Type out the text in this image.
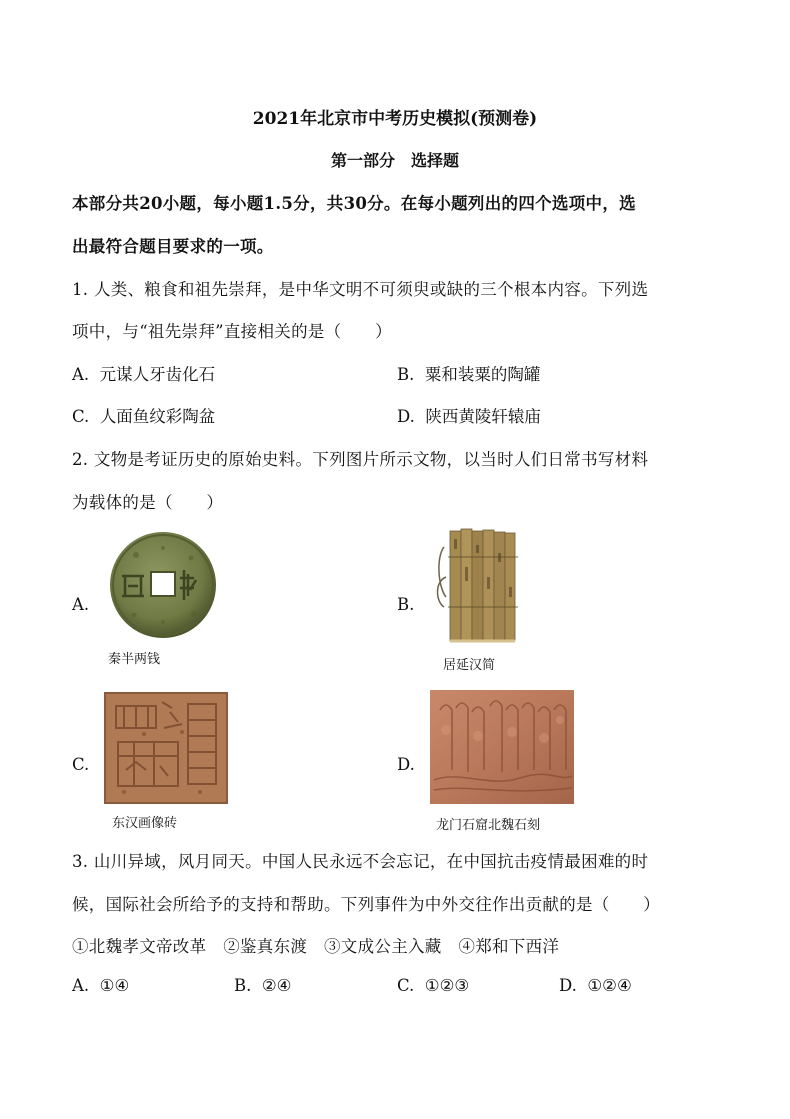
2021年北京市中考历史模拟(预测卷)
第一部分　选择题
本部分共20小题，每小题1.5分，共30分。在每小题列出的四个选项中，选
出最符合题目要求的一项。
1. 人类、粮食和祖先崇拜，是中华文明不可须臾或缺的三个根本内容。下列选
项中，与“祖先崇拜”直接相关的是（　　）
A. 元谋人牙齿化石	B. 粟和装粟的陶罐
C. 人面鱼纹彩陶盆	D. 陕西黄陵轩辕庙
2. 文物是考证历史的原始史料。下列图片所示文物，以当时人们日常书写材料
为载体的是（　　）
A.
秦半两钱
B.
居延汉简
C.
东汉画像砖
D.
龙门石窟北魏石刻
3. 山川异域，风月同天。中国人民永远不会忘记，在中国抗击疫情最困难的时
候，国际社会所给予的支持和帮助。下列事件为中外交往作出贡献的是（　　）
①北魏孝文帝改革　②鉴真东渡　③文成公主入藏　④郑和下西洋
A. ①④	B. ②④	C. ①②③	D. ①②④
